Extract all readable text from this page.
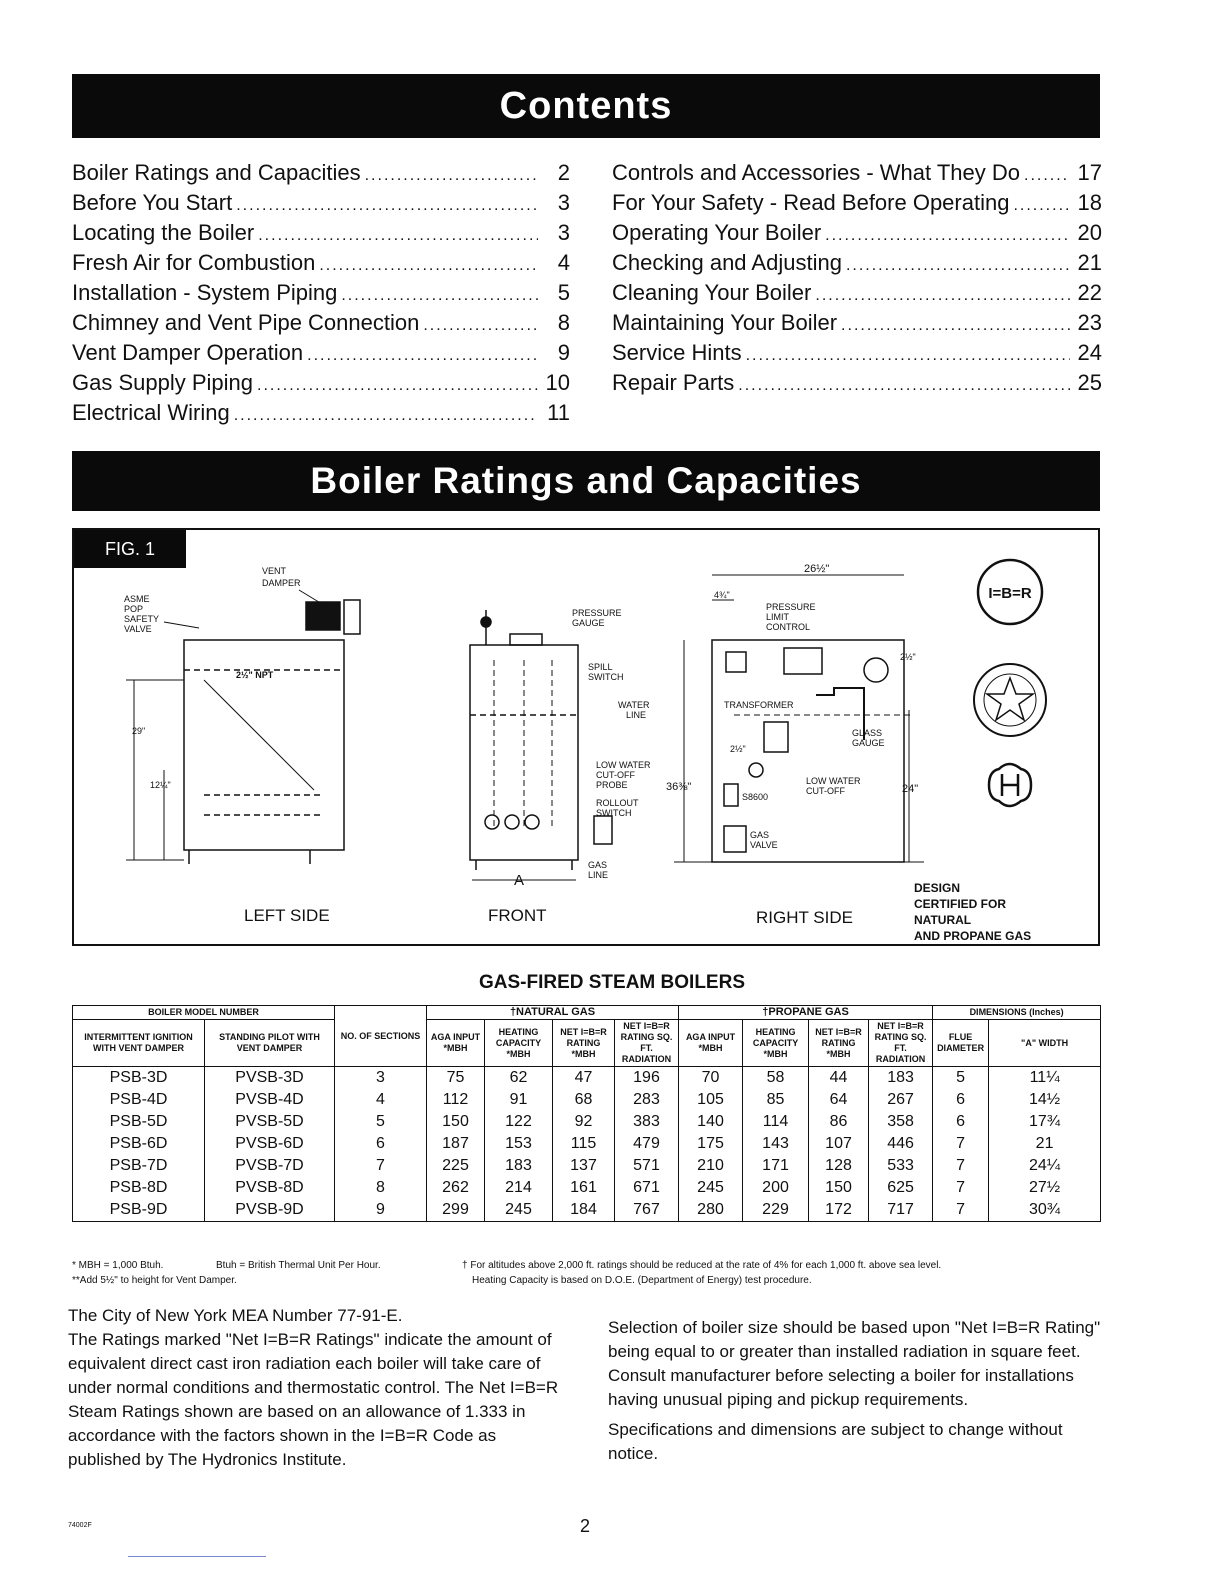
Contents
Boiler Ratings and Capacities .....	2
Before You Start .....	3
Locating the Boiler .....	3
Fresh Air for Combustion .....	4
Installation - System Piping .....	5
Chimney and Vent Pipe Connection .....	8
Vent Damper Operation .....	9
Gas Supply Piping .....	10
Electrical Wiring .....	11
Controls and Accessories - What They Do .....	17
For Your Safety - Read Before Operating .....	18
Operating Your Boiler .....	20
Checking and Adjusting .....	21
Cleaning Your Boiler .....	22
Maintaining Your Boiler .....	23
Service Hints .....	24
Repair Parts .....	25
Boiler Ratings and Capacities
FIG. 1
VENT
DAMPER
ASME
POP
SAFETY
VALVE
2½" NPT
29"
12¼"
PRESSURE
GAUGE
SPILL
SWITCH
WATER
LINE
LOW WATER
CUT-OFF
PROBE
ROLLOUT
SWITCH
GAS
LINE
A
26½"
4¾"
PRESSURE
LIMIT
CONTROL
2½"
TRANSFORMER
GLASS
GAUGE
2½"
LOW WATER
CUT-OFF
S8600
GAS
VALVE
36⅜"	24"
I=B=R
LEFT SIDE	FRONT	RIGHT SIDE
DESIGN
CERTIFIED FOR
NATURAL
AND PROPANE GAS
GAS-FIRED STEAM BOILERS
BOILER MODEL NUMBER		NO. OF SECTIONS	†NATURAL GAS				†PROPANE GAS				DIMENSIONS (Inches)	
INTERMITTENT IGNITION WITH VENT DAMPER	STANDING PILOT WITH VENT DAMPER		AGA INPUT *MBH	HEATING CAPACITY *MBH	NET I=B=R RATING *MBH	NET I=B=R RATING SQ. FT. RADIATION	AGA INPUT *MBH	HEATING CAPACITY *MBH	NET I=B=R RATING *MBH	NET I=B=R RATING SQ. FT. RADIATION	FLUE DIAMETER	"A" WIDTH
PSB-3D	PVSB-3D	3	75	62	47	196	70	58	44	183	5	11¼
PSB-4D	PVSB-4D	4	112	91	68	283	105	85	64	267	6	14½
PSB-5D	PVSB-5D	5	150	122	92	383	140	114	86	358	6	17¾
PSB-6D	PVSB-6D	6	187	153	115	479	175	143	107	446	7	21
PSB-7D	PVSB-7D	7	225	183	137	571	210	171	128	533	7	24¼
PSB-8D	PVSB-8D	8	262	214	161	671	245	200	150	625	7	27½
PSB-9D	PVSB-9D	9	299	245	184	767	280	229	172	717	7	30¾
* MBH = 1,000 Btuh.	Btuh = British Thermal Unit Per Hour.
**Add 5½" to height for Vent Damper.
† For altitudes above 2,000 ft. ratings should be reduced at the rate of 4% for each 1,000 ft. above sea level.
Heating Capacity is based on D.O.E. (Department of Energy) test procedure.

The City of New York MEA Number 77-91-E.

The Ratings marked "Net I=B=R Ratings" indicate the amount of equivalent direct cast iron radiation each boiler will take care of under normal conditions and thermostatic control. The Net I=B=R Steam Ratings shown are based on an allowance of 1.333 in accordance with the factors shown in the I=B=R Code as published by The Hydronics Institute.

Selection of boiler size should be based upon "Net I=B=R Rating" being equal to or greater than installed radiation in square feet. Consult manufacturer before selecting a boiler for installations having unusual piping and pickup requirements.

Specifications and dimensions are subject to change without notice.

74002F	2
